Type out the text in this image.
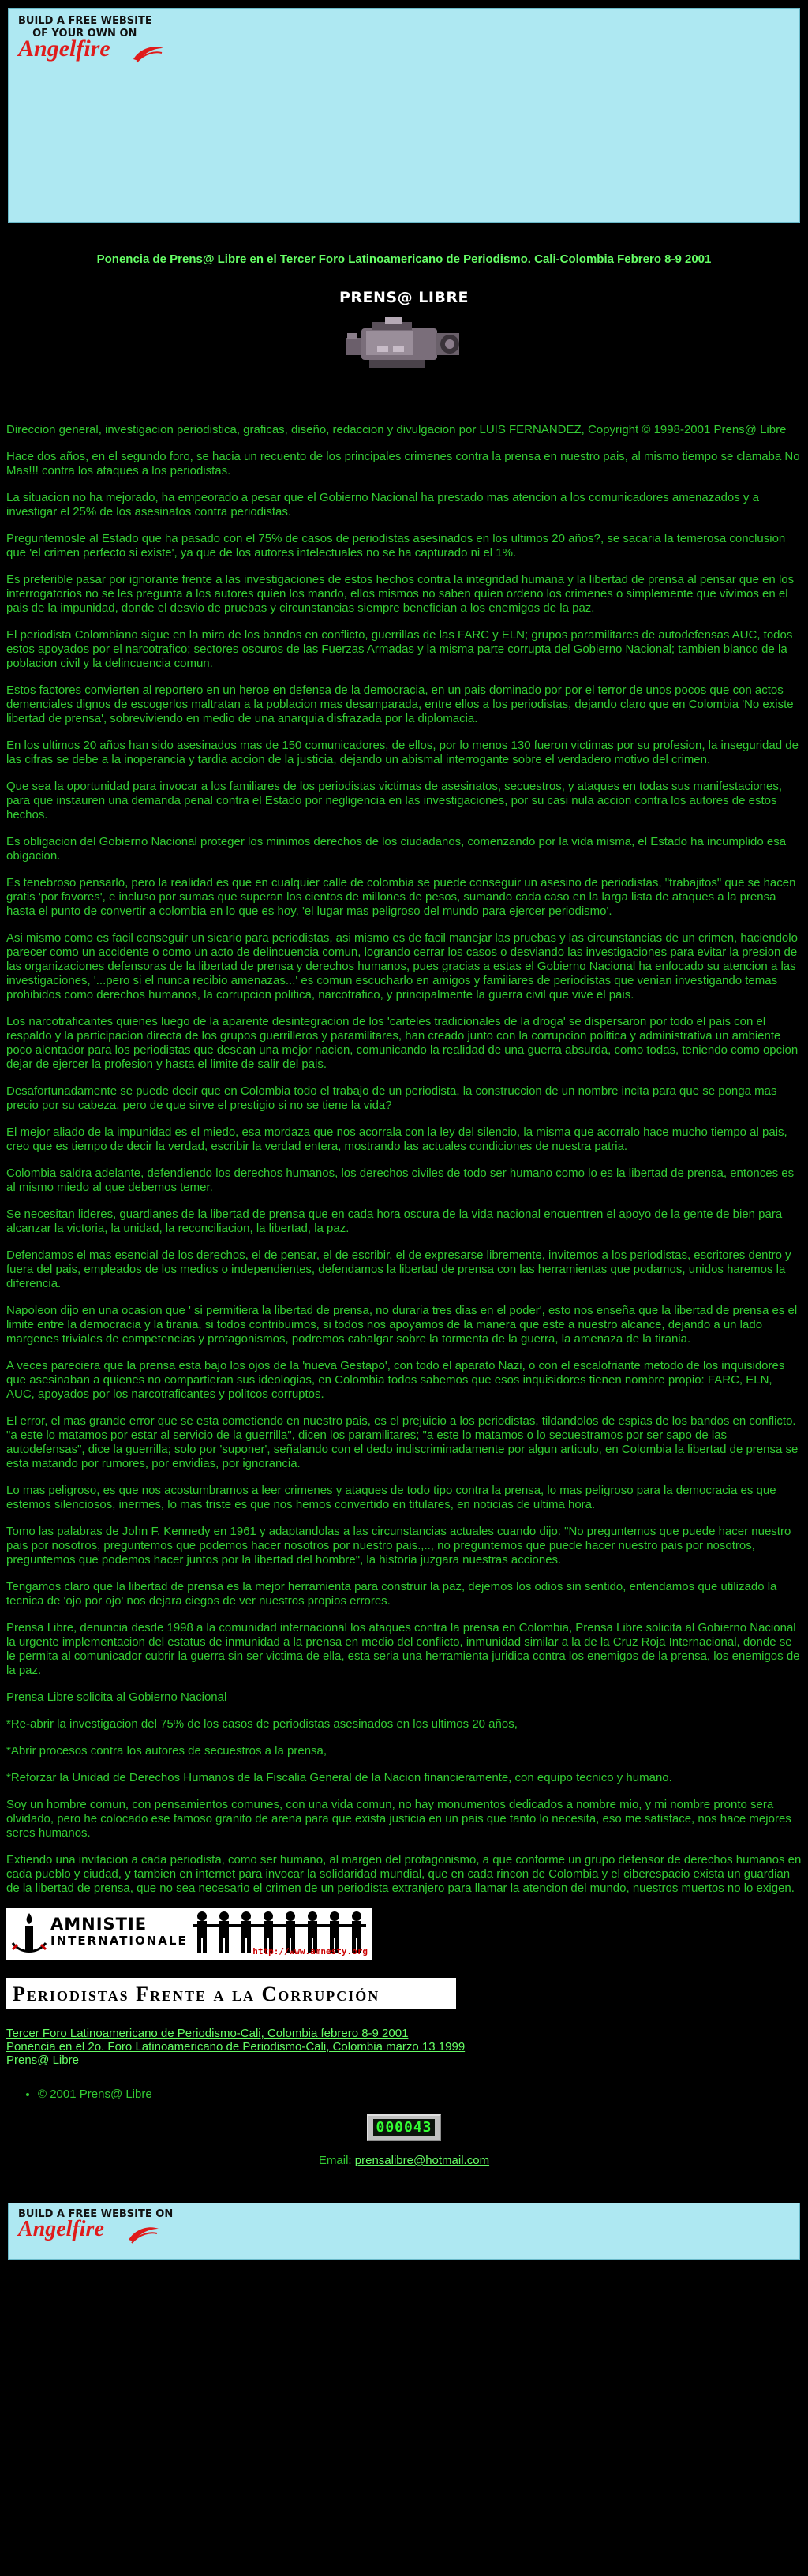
BUILD A FREE WEBSITE
OF YOUR OWN ON
Angelfire
Ponencia de Prens@ Libre en el Tercer Foro Latinoamericano de Periodismo. Cali-Colombia Febrero 8-9 2001
PRENS@ LIBRE

Direccion general, investigacion periodistica, graficas, diseño, redaccion y divulgacion por LUIS FERNANDEZ, Copyright © 1998-2001 Prens@ Libre

Hace dos años, en el segundo foro, se hacia un recuento de los principales crimenes contra la prensa en nuestro pais, al mismo tiempo se clamaba No Mas!!! contra los ataques a los periodistas.

La situacion no ha mejorado, ha empeorado a pesar que el Gobierno Nacional ha prestado mas atencion a los comunicadores amenazados y a investigar el 25% de los asesinatos contra periodistas.

Preguntemosle al Estado que ha pasado con el 75% de casos de periodistas asesinados en los ultimos 20 años?, se sacaria la temerosa conclusion que 'el crimen perfecto si existe', ya que de los autores intelectuales no se ha capturado ni el 1%.

Es preferible pasar por ignorante frente a las investigaciones de estos hechos contra la integridad humana y la libertad de prensa al pensar que en los interrogatorios no se les pregunta a los autores quien los mando, ellos mismos no saben quien ordeno los crimenes o simplemente que vivimos en el pais de la impunidad, donde el desvio de pruebas y circunstancias siempre benefician a los enemigos de la paz.

El periodista Colombiano sigue en la mira de los bandos en conflicto, guerrillas de las FARC y ELN; grupos paramilitares de autodefensas AUC, todos estos apoyados por el narcotrafico; sectores oscuros de las Fuerzas Armadas y la misma parte corrupta del Gobierno Nacional; tambien blanco de la poblacion civil y la delincuencia comun.

Estos factores convierten al reportero en un heroe en defensa de la democracia, en un pais dominado por por el terror de unos pocos que con actos demenciales dignos de escogerlos maltratan a la poblacion mas desamparada, entre ellos a los periodistas, dejando claro que en Colombia 'No existe libertad de prensa', sobreviviendo en medio de una anarquia disfrazada por la diplomacia.

En los ultimos 20 años han sido asesinados mas de 150 comunicadores, de ellos, por lo menos 130 fueron victimas por su profesion, la inseguridad de las cifras se debe a la inoperancia y tardia accion de la justicia, dejando un abismal interrogante sobre el verdadero motivo del crimen.

Que sea la oportunidad para invocar a los familiares de los periodistas victimas de asesinatos, secuestros, y ataques en todas sus manifestaciones, para que instauren una demanda penal contra el Estado por negligencia en las investigaciones, por su casi nula accion contra los autores de estos hechos.

Es obligacion del Gobierno Nacional proteger los minimos derechos de los ciudadanos, comenzando por la vida misma, el Estado ha incumplido esa obigacion.

Es tenebroso pensarlo, pero la realidad es que en cualquier calle de colombia se puede conseguir un asesino de periodistas, "trabajitos" que se hacen gratis 'por favores', e incluso por sumas que superan los cientos de millones de pesos, sumando cada caso en la larga lista de ataques a la prensa hasta el punto de convertir a colombia en lo que es hoy, 'el lugar mas peligroso del mundo para ejercer periodismo'.

Asi mismo como es facil conseguir un sicario para periodistas, asi mismo es de facil manejar las pruebas y las circunstancias de un crimen, haciendolo parecer como un accidente o como un acto de delincuencia comun, logrando cerrar los casos o desviando las investigaciones para evitar la presion de las organizaciones defensoras de la libertad de prensa y derechos humanos, pues gracias a estas el Gobierno Nacional ha enfocado su atencion a las investigaciones, '...pero si el nunca recibio amenazas...' es comun escucharlo en amigos y familiares de periodistas que venian investigando temas prohibidos como derechos humanos, la corrupcion politica, narcotrafico, y principalmente la guerra civil que vive el pais.

Los narcotraficantes quienes luego de la aparente desintegracion de los 'carteles tradicionales de la droga' se dispersaron por todo el pais con el respaldo y la participacion directa de los grupos guerrilleros y paramilitares, han creado junto con la corrupcion politica y administrativa un ambiente poco alentador para los periodistas que desean una mejor nacion, comunicando la realidad de una guerra absurda, como todas, teniendo como opcion dejar de ejercer la profesion y hasta el limite de salir del pais.

Desafortunadamente se puede decir que en Colombia todo el trabajo de un periodista, la construccion de un nombre incita para que se ponga mas precio por su cabeza, pero de que sirve el prestigio si no se tiene la vida?

El mejor aliado de la impunidad es el miedo, esa mordaza que nos acorrala con la ley del silencio, la misma que acorralo hace mucho tiempo al pais, creo que es tiempo de decir la verdad, escribir la verdad entera, mostrando las actuales condiciones de nuestra patria.

Colombia saldra adelante, defendiendo los derechos humanos, los derechos civiles de todo ser humano como lo es la libertad de prensa, entonces es al mismo miedo al que debemos temer.

Se necesitan lideres, guardianes de la libertad de prensa que en cada hora oscura de la vida nacional encuentren el apoyo de la gente de bien para alcanzar la victoria, la unidad, la reconciliacion, la libertad, la paz.

Defendamos el mas esencial de los derechos, el de pensar, el de escribir, el de expresarse libremente, invitemos a los periodistas, escritores dentro y fuera del pais, empleados de los medios o independientes, defendamos la libertad de prensa con las herramientas que podamos, unidos haremos la diferencia.

Napoleon dijo en una ocasion que ' si permitiera la libertad de prensa, no duraria tres dias en el poder', esto nos enseña que la libertad de prensa es el limite entre la democracia y la tirania, si todos contribuimos, si todos nos apoyamos de la manera que este a nuestro alcance, dejando a un lado margenes triviales de competencias y protagonismos, podremos cabalgar sobre la tormenta de la guerra, la amenaza de la tirania.

A veces pareciera que la prensa esta bajo los ojos de la 'nueva Gestapo', con todo el aparato Nazi, o con el escalofriante metodo de los inquisidores que asesinaban a quienes no compartieran sus ideologias, en Colombia todos sabemos que esos inquisidores tienen nombre propio: FARC, ELN, AUC, apoyados por los narcotraficantes y politcos corruptos.

El error, el mas grande error que se esta cometiendo en nuestro pais, es el prejuicio a los periodistas, tildandolos de espias de los bandos en conflicto. "a este lo matamos por estar al servicio de la guerrilla", dicen los paramilitares; "a este lo matamos o lo secuestramos por ser sapo de las autodefensas", dice la guerrilla; solo por 'suponer', señalando con el dedo indiscriminadamente por algun articulo, en Colombia la libertad de prensa se esta matando por rumores, por envidias, por ignorancia.

Lo mas peligroso, es que nos acostumbramos a leer crimenes y ataques de todo tipo contra la prensa, lo mas peligroso para la democracia es que estemos silenciosos, inermes, lo mas triste es que nos hemos convertido en titulares, en noticias de ultima hora.

Tomo las palabras de John F. Kennedy en 1961 y adaptandolas a las circunstancias actuales cuando dijo: "No preguntemos que puede hacer nuestro pais por nosotros, preguntemos que podemos hacer nosotros por nuestro pais.,.., no preguntemos que puede hacer nuestro pais por nosotros, preguntemos que podemos hacer juntos por la libertad del hombre", la historia juzgara nuestras acciones.

Tengamos claro que la libertad de prensa es la mejor herramienta para construir la paz, dejemos los odios sin sentido, entendamos que utilizado la tecnica de 'ojo por ojo' nos dejara ciegos de ver nuestros propios errores.

Prensa Libre, denuncia desde 1998 a la comunidad internacional los ataques contra la prensa en Colombia, Prensa Libre solicita al Gobierno Nacional la urgente implementacion del estatus de inmunidad a la prensa en medio del conflicto, inmunidad similar a la de la Cruz Roja Internacional, donde se le permita al comunicador cubrir la guerra sin ser victima de ella, esta seria una herramienta juridica contra los enemigos de la prensa, los enemigos de la paz.

Prensa Libre solicita al Gobierno Nacional

*Re-abrir la investigacion del 75% de los casos de periodistas asesinados en los ultimos 20 años,

*Abrir procesos contra los autores de secuestros a la prensa,

*Reforzar la Unidad de Derechos Humanos de la Fiscalia General de la Nacion financieramente, con equipo tecnico y humano.

Soy un hombre comun, con pensamientos comunes, con una vida comun, no hay monumentos dedicados a nombre mio, y mi nombre pronto sera olvidado, pero he colocado ese famoso granito de arena para que exista justicia en un pais que tanto lo necesita, eso me satisface, nos hace mejores seres humanos.

Extiendo una invitacion a cada periodista, como ser humano, al margen del protagonismo, a que conforme un grupo defensor de derechos humanos en cada pueblo y ciudad, y tambien en internet para invocar la solidaridad mundial, que en cada rincon de Colombia y el ciberespacio exista un guardian de la libertad de prensa, que no sea necesario el crimen de un periodista extranjero para llamar la atencion del mundo, nuestros muertos no lo exigen.

AMNISTIE
INTERNATIONALE
http://www.amnesty.org
Periodistas Frente a la Corrupción
Tercer Foro Latinoamericano de Periodismo-Cali, Colombia febrero 8-9 2001
Ponencia en el 2o. Foro Latinoamericano de Periodismo-Cali, Colombia marzo 13 1999
Prens@ Libre
• © 2001 Prens@ Libre
000043
Email: prensalibre@hotmail.com
BUILD A FREE WEBSITE ON
Angelfire
